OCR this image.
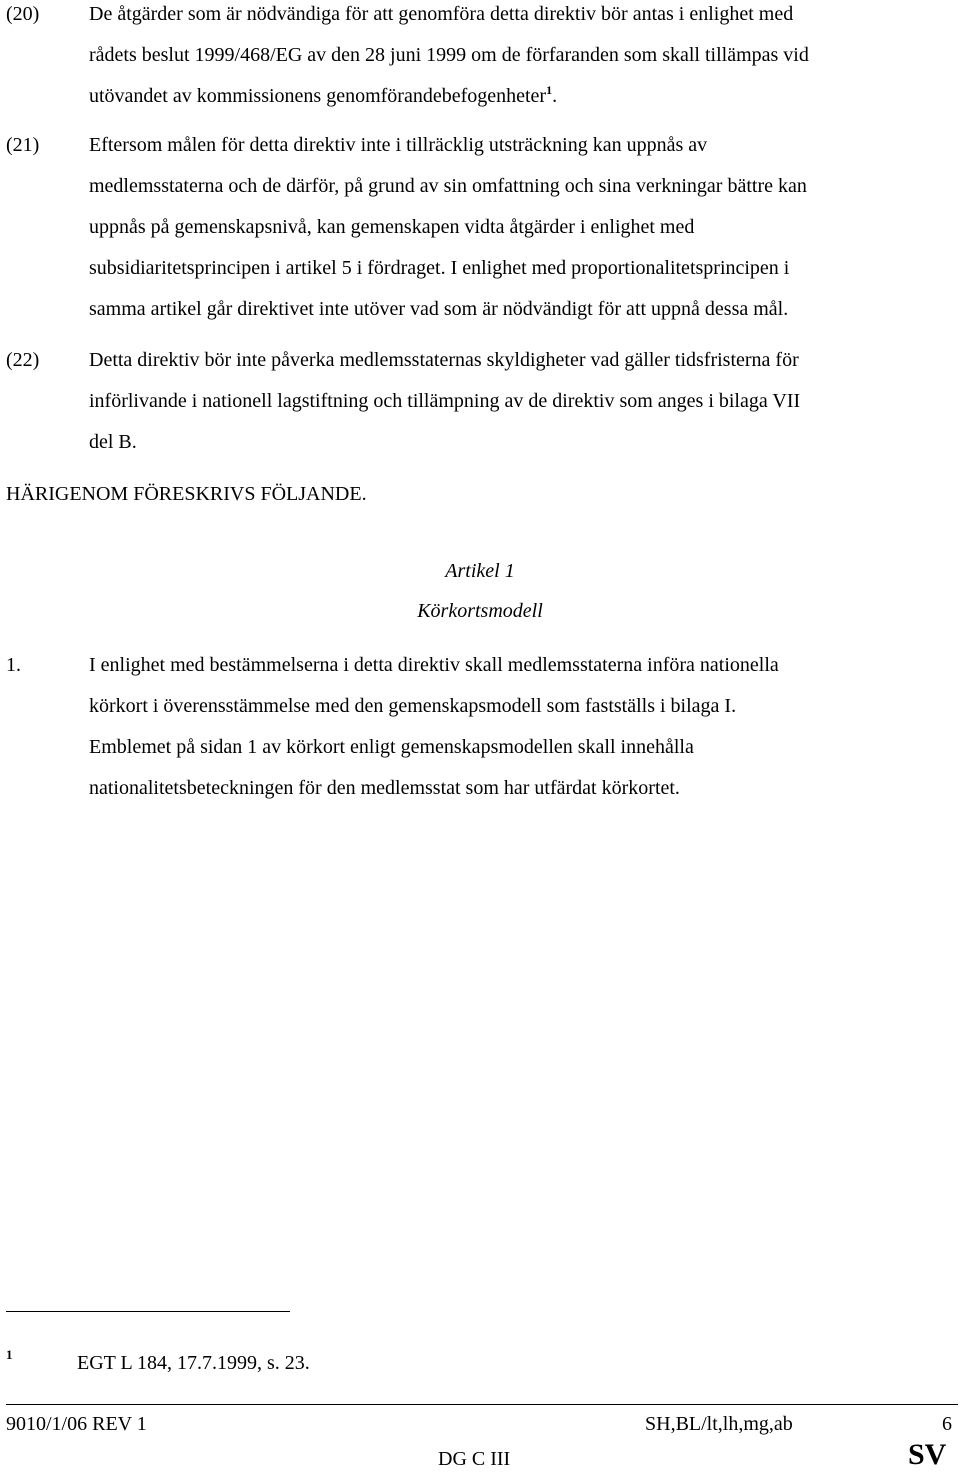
(20) De åtgärder som är nödvändiga för att genomföra detta direktiv bör antas i enlighet med
rådets beslut 1999/468/EG av den 28 juni 1999 om de förfaranden som skall tillämpas vid
utövandet av kommissionens genomförandebefogenheter$^1$.
(21) Eftersom målen för detta direktiv inte i tillräcklig utsträckning kan uppnås av
medlemsstaterna och de därför, på grund av sin omfattning och sina verkningar bättre kan
uppnås på gemenskapsnivå, kan gemenskapen vidta åtgärder i enlighet med
subsidiaritetsprincipen i artikel 5 i fördraget. I enlighet med proportionalitetsprincipen i
samma artikel går direktivet inte utöver vad som är nödvändigt för att uppnå dessa mål.
(22) Detta direktiv bör inte påverka medlemsstaternas skyldigheter vad gäller tidsfristerna för
införlivande i nationell lagstiftning och tillämpning av de direktiv som anges i bilaga VII
del B.
HÄRIGENOM FÖRESKRIVS FÖLJANDE.
Artikel 1
Körkortsmodell
1.	I enlighet med bestämmelserna i detta direktiv skall medlemsstaterna införa nationella
körkort i överensstämmelse med den gemenskapsmodell som fastställs i bilaga I.
Emblemet på sidan 1 av körkort enligt gemenskapsmodellen skall innehålla
nationalitetsbeteckningen för den medlemsstat som har utfärdat körkortet.
1	EGT L 184, 17.7.1999, s. 23.
9010/1/06 REV 1	SH,BL/lt,lh,mg,ab	6
DG C III	SV
